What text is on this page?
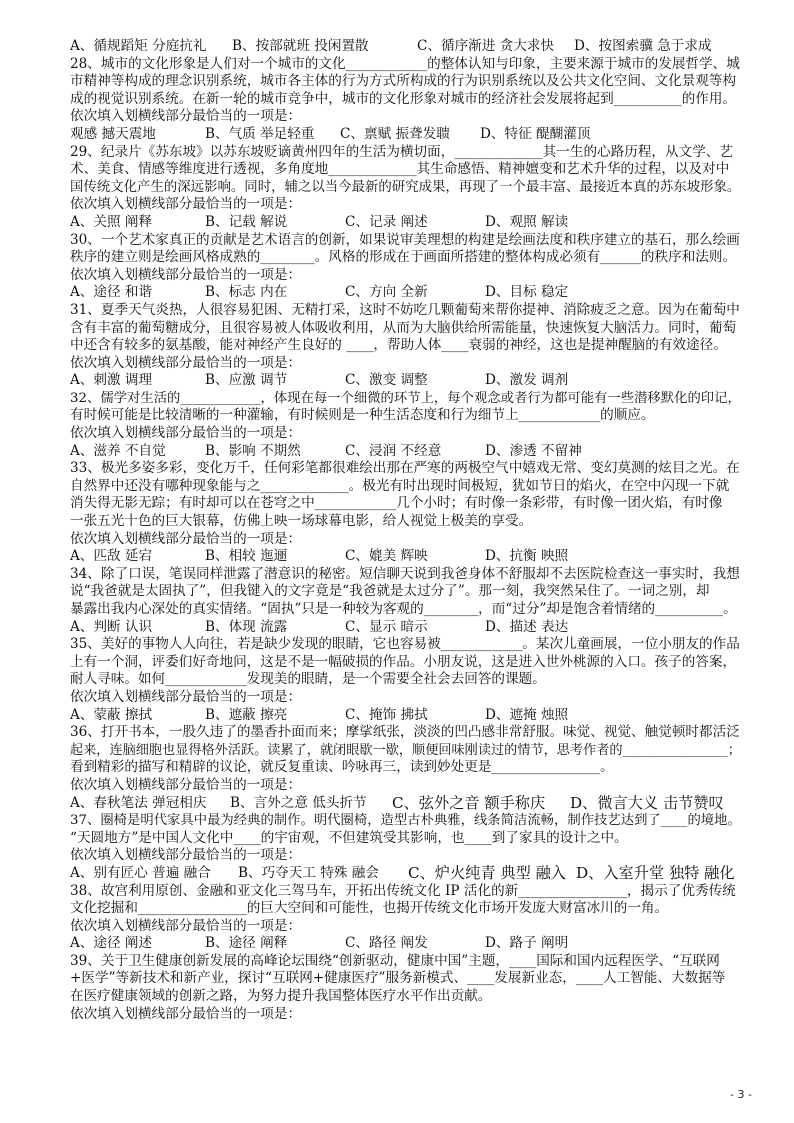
A、循规蹈矩 分庭抗礼	B、按部就班 投闲置散	C、循序渐进 贪大求快	D、按图索骥 急于求成
28、城市的文化形象是人们对一个城市的文化____________的整体认知与印象，主要来源于城市的发展哲学、城
市精神等构成的理念识别系统，城市各主体的行为方式所构成的行为识别系统以及公共文化空间、文化景观等构
成的视觉识别系统。在新一轮的城市竞争中，城市的文化形象对城市的经济社会发展将起到__________的作用。
依次填入划横线部分最恰当的一项是：
观感 撼天震地	B、气质 举足轻重	C、禀赋 振聋发聩	D、特征 醍醐灌顶
29、纪录片《苏东坡》以苏东坡贬谪黄州四年的生活为横切面，_____________其一生的心路历程，从文学、艺
术、美食、情感等维度进行透视，多角度地_____________其生命感悟、精神嬗变和艺术升华的过程，以及对中
国传统文化产生的深远影响。同时，辅之以当今最新的研究成果，再现了一个最丰富、最接近本真的苏东坡形象。
依次填入划横线部分最恰当的一项是：
A、关照 阐释	B、记载 解说	C、记录 阐述	D、观照 解读
30、一个艺术家真正的贡献是艺术语言的创新，如果说审美理想的构建是绘画法度和秩序建立的基石，那么绘画
秩序的建立则是绘画风格成熟的________。风格的形成在于画面所搭建的整体构成必须有______的秩序和法则。
依次填入划横线部分最恰当的一项是：
A、途径 和谐	B、标志 内在	C、方向 全新	D、目标 稳定
31、夏季天气炎热，人很容易犯困、无精打采，这时不妨吃几颗葡萄来帮你提神、消除疲乏之意。因为在葡萄中
含有丰富的葡萄糖成分，且很容易被人体吸收利用，从而为大脑供给所需能量，快速恢复大脑活力。同时，葡萄
中还含有较多的氨基酸，能对神经产生良好的 ____，帮助人体____衰弱的神经，这也是提神醒脑的有效途径。
依次填入划横线部分最恰当的一项是：
A、刺激 调理	B、应激 调节	C、激变 调整	D、激发 调剂
32、儒学对生活的____________，体现在每一个细微的环节上，每个观念或者行为都可能有一些潜移默化的印记，
有时候可能是比较清晰的一种灌输，有时候则是一种生活态度和行为细节上____________的顺应。
依次填入划横线部分最恰当的一项是：
A、滋养 不自觉	B、影响 不期然	C、浸润 不经意	D、渗透 不留神
33、极光多姿多彩，变化万千，任何彩笔都很难绘出那在严寒的两极空气中嬉戏无常、变幻莫测的炫目之光。在
自然界中还没有哪种现象能与之_____________。极光有时出现时间极短，犹如节日的焰火，在空中闪现一下就
消失得无影无踪；有时却可以在苍穹之中____________几个小时；有时像一条彩带，有时像一团火焰，有时像
一张五光十色的巨大银幕，仿佛上映一场球幕电影，给人视觉上极美的享受。
依次填入划横线部分最恰当的一项是：
A、匹敌 延宕	B、相较 迤逦	C、媲美 辉映	D、抗衡 映照
34、除了口误，笔误同样泄露了潜意识的秘密。短信聊天说到我爸身体不舒服却不去医院检查这一事实时，我想
说“我爸就是太固执了”，但我键入的文字竟是“我爸就是太过分了”。那一刻，我突然呆住了。一词之别，却
暴露出我内心深处的真实情绪。“固执”只是一种较为客观的________，而“过分”却是饱含着情绪的__________。
A、判断 认识	B、体现 流露	C、显示 暗示	D、描述 表达
35、美好的事物人人向往，若是缺少发现的眼睛，它也容易被____________。某次儿童画展，一位小朋友的作品
上有一个洞，评委们好奇地问，这是不是一幅破损的作品。小朋友说，这是进入世外桃源的入口。孩子的答案，
耐人寻味。如何____________发现美的眼睛，是一个需要全社会去回答的课题。
依次填入划横线部分最恰当的一项是：
A、蒙蔽 擦拭	B、遮蔽 擦亮	C、掩饰 拂拭	D、遮掩 烛照
36、打开书本，一股久违了的墨香扑面而来；摩挲纸张，淡淡的凹凸感非常舒服。味觉、视觉、触觉顿时都活泛
起来，连脑细胞也显得格外活跃。读累了，就闭眼歇一歇，顺便回味刚读过的情节，思考作者的________________；
看到精彩的描写和精辟的议论，就反复重读、吟咏再三，读到妙处更是________________。
依次填入划横线部分最恰当的一项是：
A、春秋笔法 弹冠相庆	B、言外之意 低头折节	C、弦外之音 额手称庆	D、微言大义 击节赞叹
37、圈椅是明代家具中最为经典的制作。明代圈椅，造型古朴典雅，线条简洁流畅，制作技艺达到了____的境地。
“天圆地方”是中国人文化中____的宇宙观，不但建筑受其影响，也____到了家具的设计之中。
依次填入划横线部分最恰当的一项是：
A、别有匠心 普遍 融合	B、巧夺天工 特殊 融会	C、炉火纯青 典型 融入 D、入室升堂 独特 融化
38、故宫利用原创、金融和亚文化三驾马车，开拓出传统文化 IP 活化的新________________，揭示了优秀传统
文化挖掘和________________的巨大空间和可能性，也揭开传统文化市场开发庞大财富冰川的一角。
依次填入划横线部分最恰当的一项是：
A、途径 阐述	B、途径 阐释	C、路径 阐发	D、路子 阐明
39、关于卫生健康创新发展的高峰论坛围绕“创新驱动，健康中国”主题，____国际和国内远程医学、“互联网
+医学”等新技术和新产业，探讨“互联网+健康医疗”服务新模式、____发展新业态，____人工智能、大数据等
在医疗健康领域的创新之路，为努力提升我国整体医疗水平作出贡献。
依次填入划横线部分最恰当的一项是：
- 3 -
